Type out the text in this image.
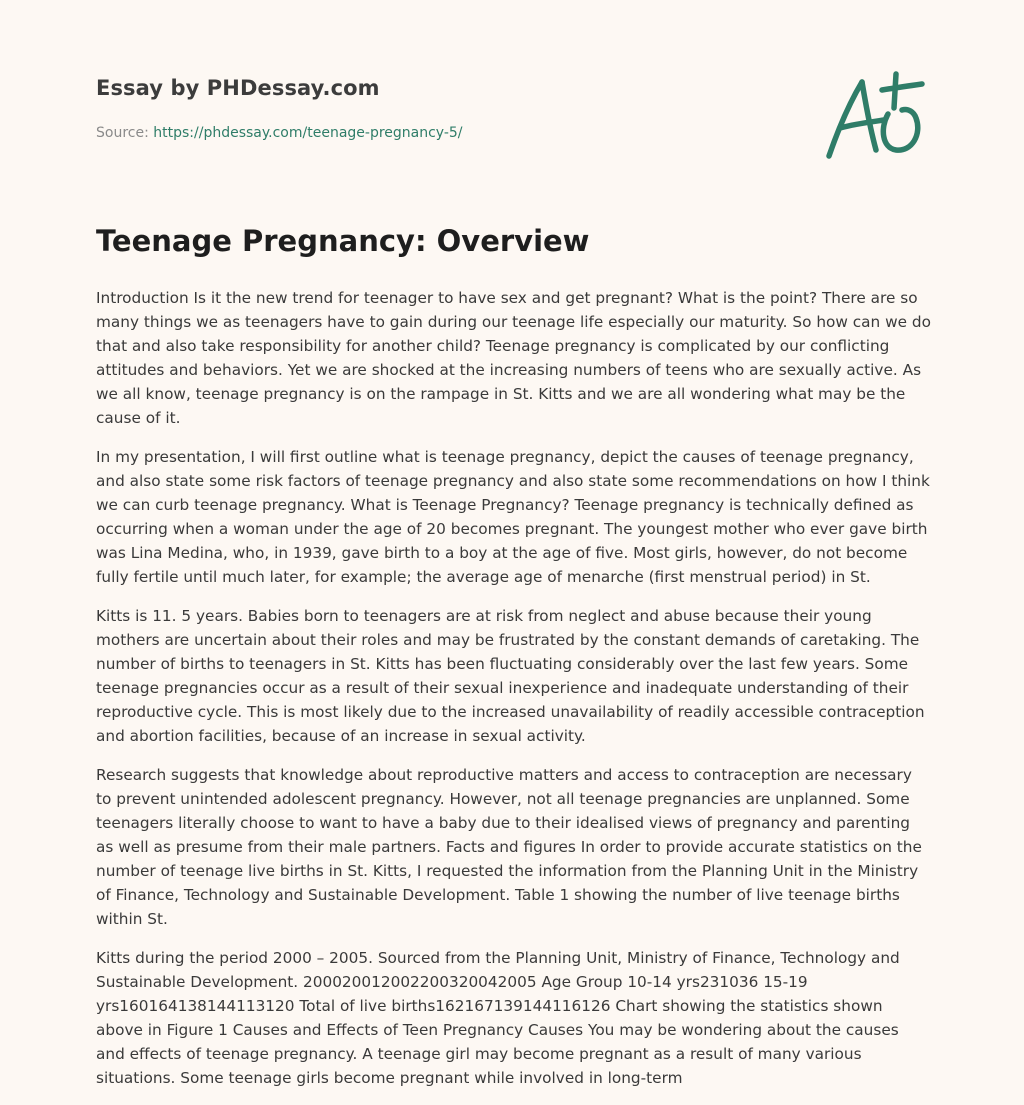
Essay by PHDessay.com
Source: https://phdessay.com/teenage-pregnancy-5/
Teenage Pregnancy: Overview

Introduction Is it the new trend for teenager to have sex and get pregnant? What is the point? There are so many things we as teenagers have to gain during our teenage life especially our maturity. So how can we do that and also take responsibility for another child? Teenage pregnancy is complicated by our conflicting attitudes and behaviors. Yet we are shocked at the increasing numbers of teens who are sexually active. As we all know, teenage pregnancy is on the rampage in St. Kitts and we are all wondering what may be the cause of it.

In my presentation, I will first outline what is teenage pregnancy, depict the causes of teenage pregnancy, and also state some risk factors of teenage pregnancy and also state some recommendations on how I think we can curb teenage pregnancy. What is Teenage Pregnancy? Teenage pregnancy is technically defined as occurring when a woman under the age of 20 becomes pregnant. The youngest mother who ever gave birth was Lina Medina, who, in 1939, gave birth to a boy at the age of five. Most girls, however, do not become fully fertile until much later, for example; the average age of menarche (first menstrual period) in St.

Kitts is 11. 5 years. Babies born to teenagers are at risk from neglect and abuse because their young mothers are uncertain about their roles and may be frustrated by the constant demands of caretaking. The number of births to teenagers in St. Kitts has been fluctuating considerably over the last few years. Some teenage pregnancies occur as a result of their sexual inexperience and inadequate understanding of their reproductive cycle. This is most likely due to the increased unavailability of readily accessible contraception and abortion facilities, because of an increase in sexual activity.

Research suggests that knowledge about reproductive matters and access to contraception are necessary to prevent unintended adolescent pregnancy. However, not all teenage pregnancies are unplanned. Some teenagers literally choose to want to have a baby due to their idealised views of pregnancy and parenting as well as presume from their male partners. Facts and figures In order to provide accurate statistics on the number of teenage live births in St. Kitts, I requested the information from the Planning Unit in the Ministry of Finance, Technology and Sustainable Development. Table 1 showing the number of live teenage births within St.

Kitts during the period 2000 – 2005. Sourced from the Planning Unit, Ministry of Finance, Technology and Sustainable Development. 200020012002200320042005 Age Group 10-14 yrs231036 15-19 yrs160164138144113120 Total of live births162167139144116126 Chart showing the statistics shown above in Figure 1 Causes and Effects of Teen Pregnancy Causes You may be wondering about the causes and effects of teenage pregnancy. A teenage girl may become pregnant as a result of many various situations. Some teenage girls become pregnant while involved in long-term
